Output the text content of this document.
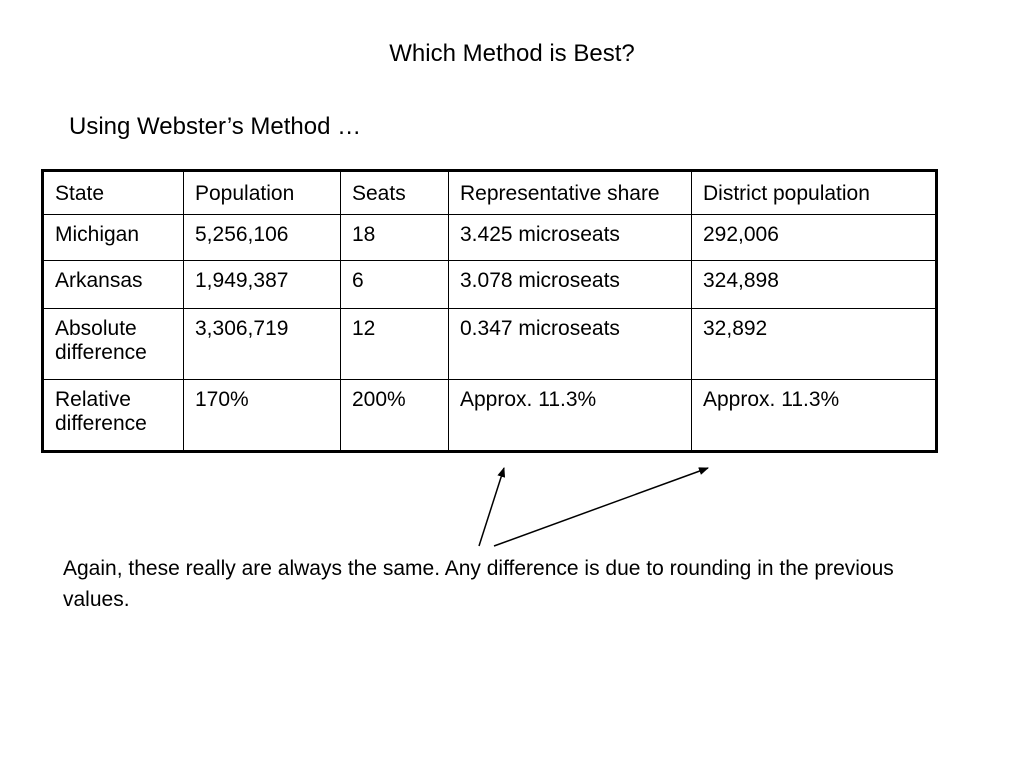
Which Method is Best?
Using Webster’s Method …
State	Population	Seats	Representative share	District population
Michigan	5,256,106	18	3.425 microseats	292,006
Arkansas	1,949,387	6	3.078 microseats	324,898
Absolute difference	3,306,719	12	0.347 microseats	32,892
Relative difference	170%	200%	Approx. 11.3%	Approx. 11.3%
Again, these really are always the same. Any difference is due to rounding in the previous values.
